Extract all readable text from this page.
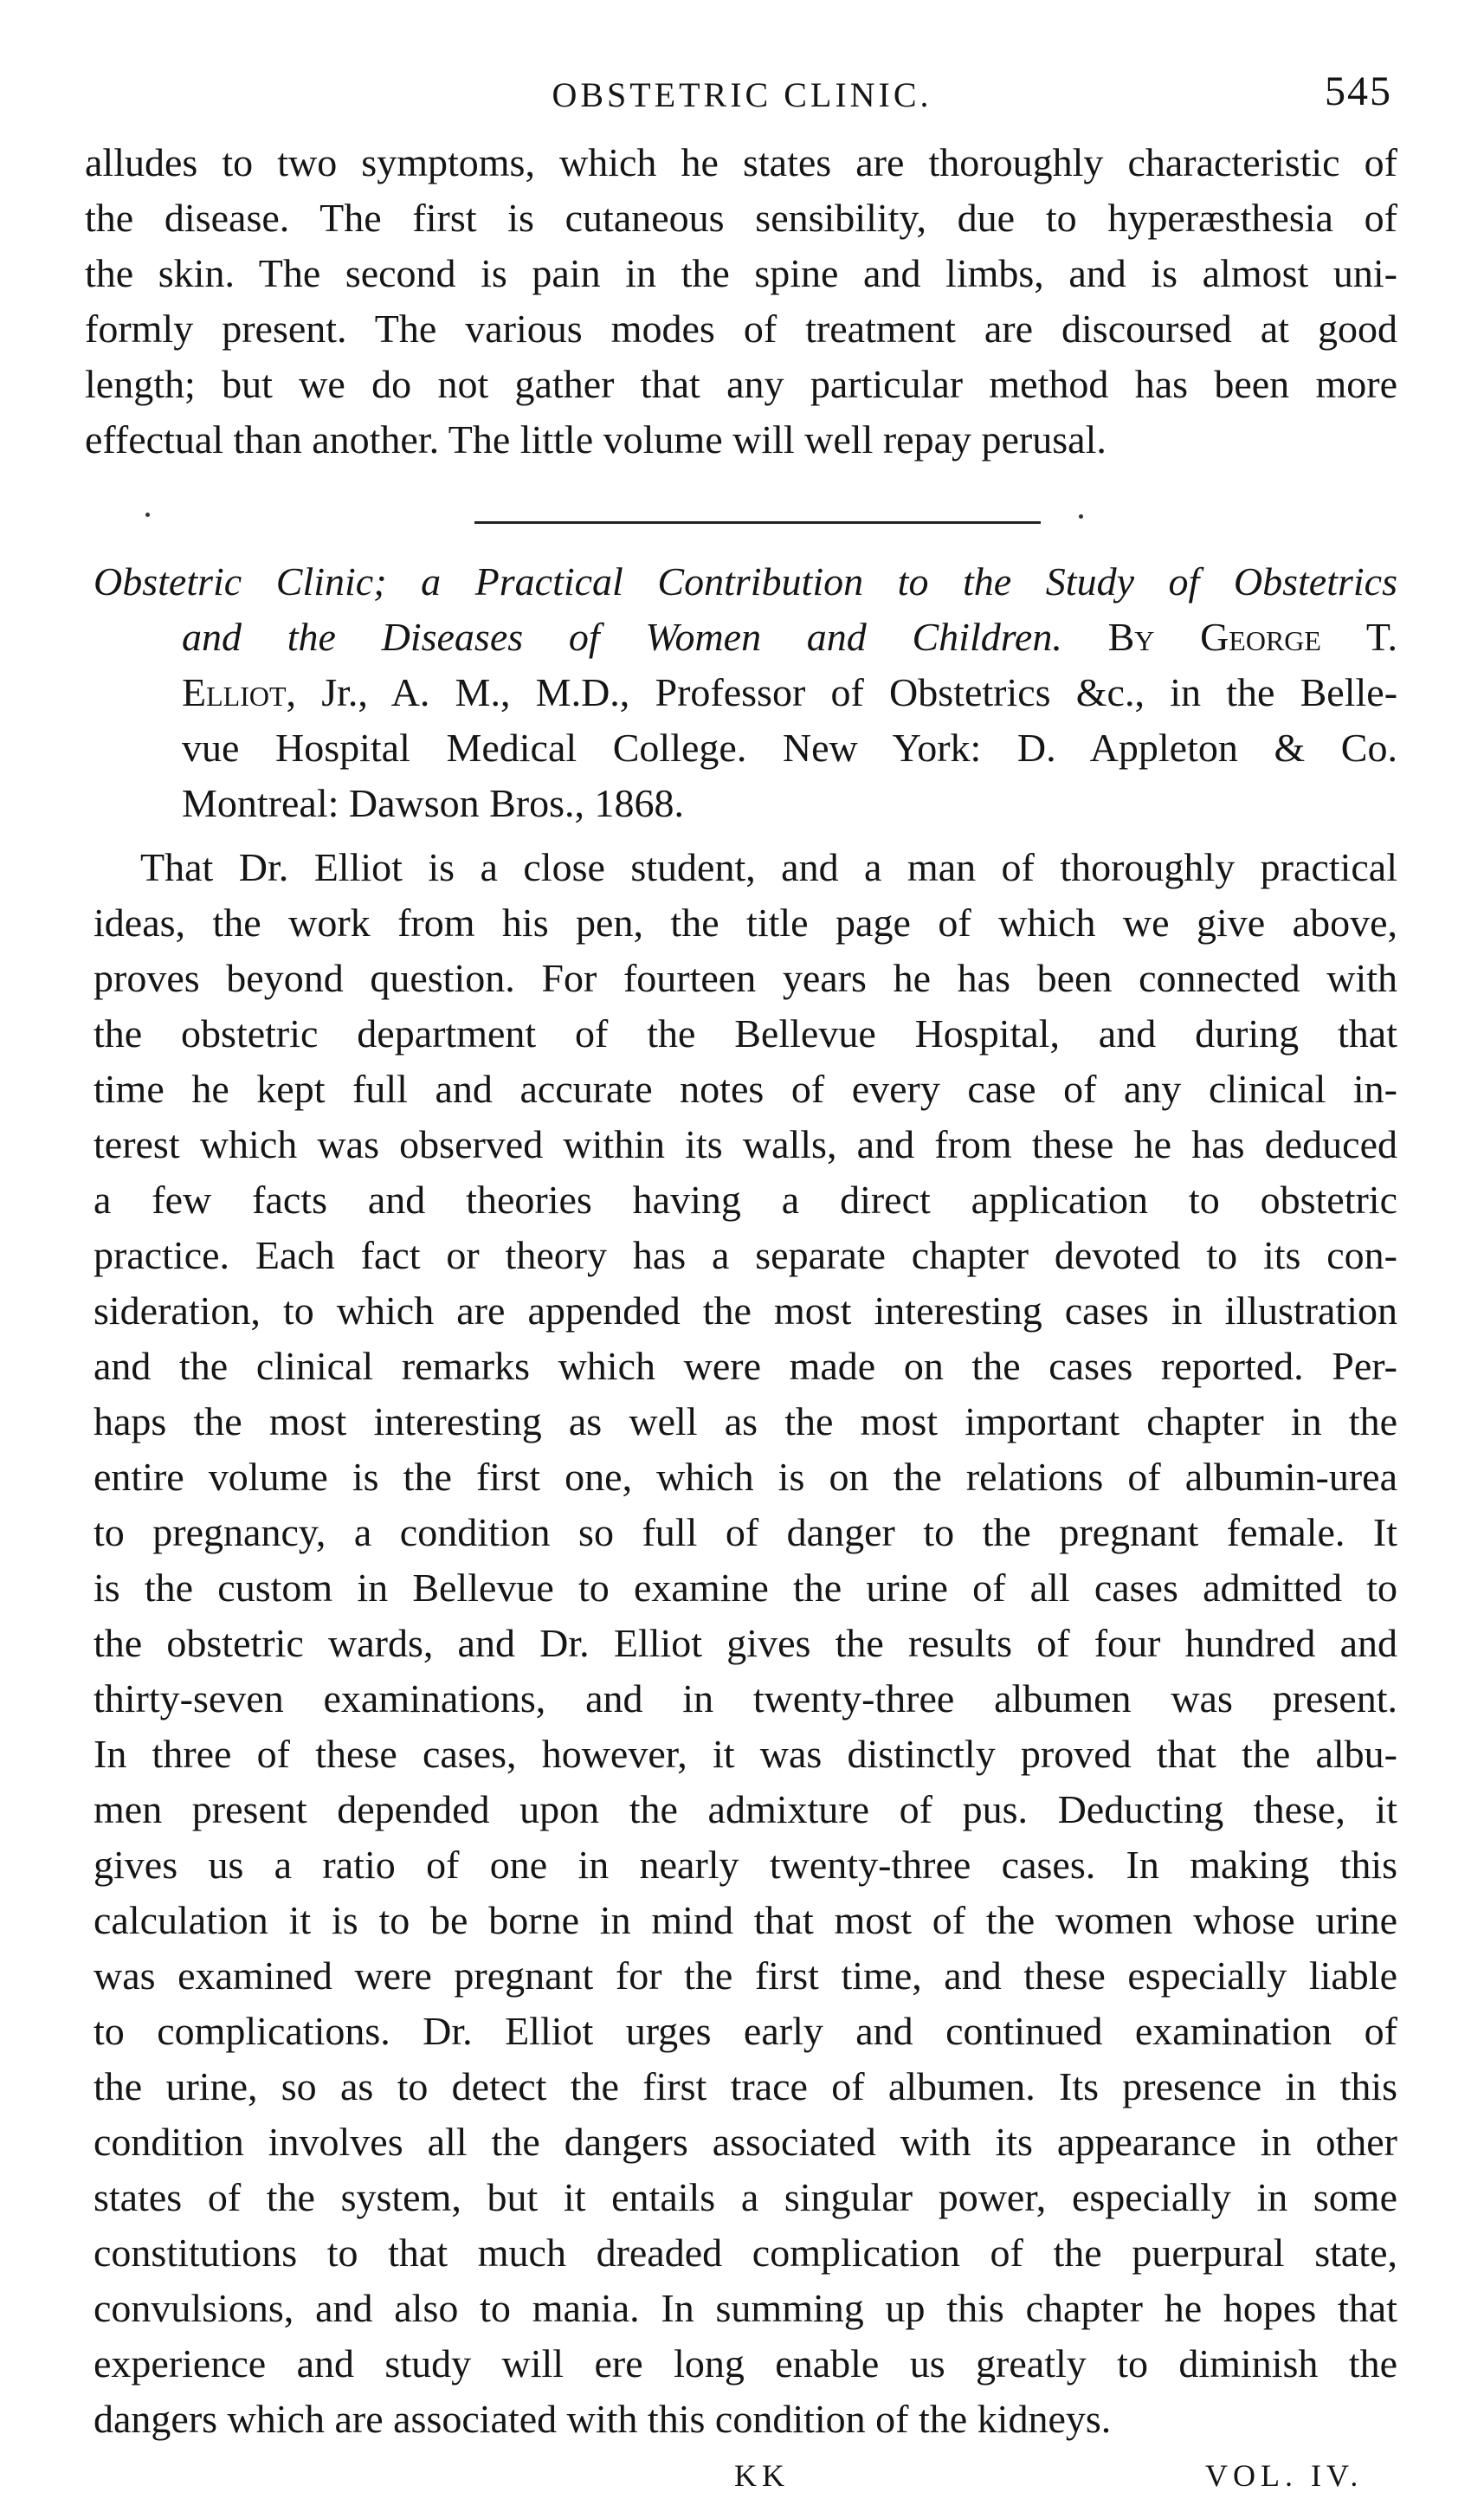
OBSTETRIC CLINIC.	545
alludes to two symptoms, which he states are thoroughly characteristic of
the disease. The first is cutaneous sensibility, due to hyperæsthesia of
the skin. The second is pain in the spine and limbs, and is almost uni-
formly present. The various modes of treatment are discoursed at good
length; but we do not gather that any particular method has been more
effectual than another. The little volume will well repay perusal.
Obstetric Clinic; a Practical Contribution to the Study of Obstetrics
and the Diseases of Women and Children. By George T.
Elliot, Jr., A. M., M.D., Professor of Obstetrics &c., in the Belle-
vue Hospital Medical College. New York: D. Appleton & Co.
Montreal: Dawson Bros., 1868.
That Dr. Elliot is a close student, and a man of thoroughly practical
ideas, the work from his pen, the title page of which we give above,
proves beyond question. For fourteen years he has been connected with
the obstetric department of the Bellevue Hospital, and during that
time he kept full and accurate notes of every case of any clinical in-
terest which was observed within its walls, and from these he has deduced
a few facts and theories having a direct application to obstetric
practice. Each fact or theory has a separate chapter devoted to its con-
sideration, to which are appended the most interesting cases in illustration
and the clinical remarks which were made on the cases reported. Per-
haps the most interesting as well as the most important chapter in the
entire volume is the first one, which is on the relations of albumin-urea
to pregnancy, a condition so full of danger to the pregnant female. It
is the custom in Bellevue to examine the urine of all cases admitted to
the obstetric wards, and Dr. Elliot gives the results of four hundred and
thirty-seven examinations, and in twenty-three albumen was present.
In three of these cases, however, it was distinctly proved that the albu-
men present depended upon the admixture of pus. Deducting these, it
gives us a ratio of one in nearly twenty-three cases. In making this
calculation it is to be borne in mind that most of the women whose urine
was examined were pregnant for the first time, and these especially liable
to complications. Dr. Elliot urges early and continued examination of
the urine, so as to detect the first trace of albumen. Its presence in this
condition involves all the dangers associated with its appearance in other
states of the system, but it entails a singular power, especially in some
constitutions to that much dreaded complication of the puerpural state,
convulsions, and also to mania. In summing up this chapter he hopes that
experience and study will ere long enable us greatly to diminish the
dangers which are associated with this condition of the kidneys.
KK	VOL. IV.
